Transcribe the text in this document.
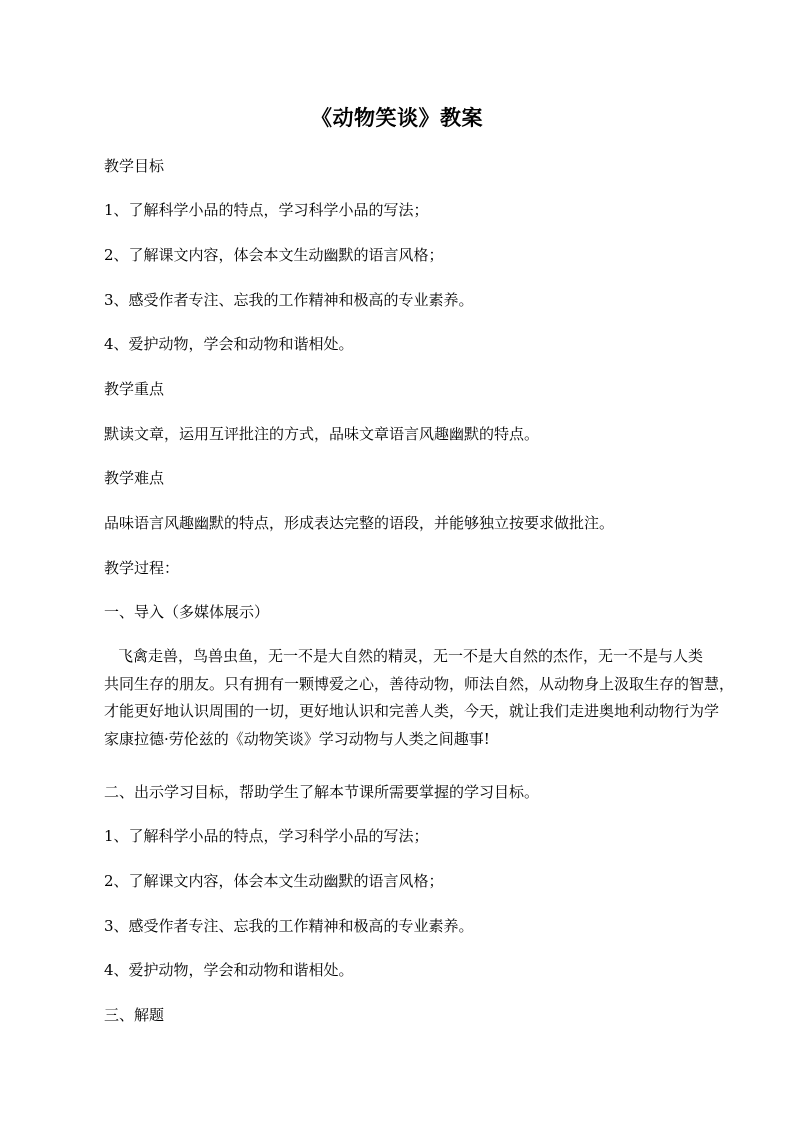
《动物笑谈》教案
教学目标
1、了解科学小品的特点，学习科学小品的写法；
2、了解课文内容，体会本文生动幽默的语言风格；
3、感受作者专注、忘我的工作精神和极高的专业素养。
4、爱护动物，学会和动物和谐相处。
教学重点
默读文章，运用互评批注的方式，品味文章语言风趣幽默的特点。
教学难点
品味语言风趣幽默的特点，形成表达完整的语段，并能够独立按要求做批注。
教学过程：
一、导入（多媒体展示）
飞禽走兽，鸟兽虫鱼，无一不是大自然的精灵，无一不是大自然的杰作，无一不是与人类
共同生存的朋友。只有拥有一颗博爱之心，善待动物，师法自然，从动物身上汲取生存的智慧，
才能更好地认识周围的一切，更好地认识和完善人类，今天，就让我们走进奥地利动物行为学
家康拉德·劳伦兹的《动物笑谈》学习动物与人类之间趣事!
二、出示学习目标，帮助学生了解本节课所需要掌握的学习目标。
1、了解科学小品的特点，学习科学小品的写法；
2、了解课文内容，体会本文生动幽默的语言风格；
3、感受作者专注、忘我的工作精神和极高的专业素养。
4、爱护动物，学会和动物和谐相处。
三、解题
